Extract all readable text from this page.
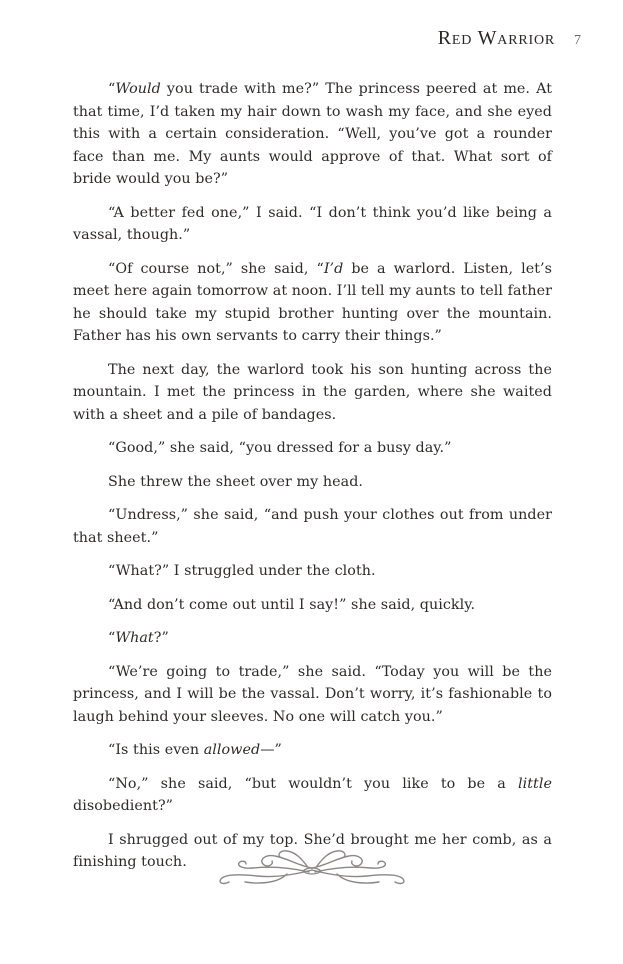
Red Warrior 7

“Would you trade with me?” The princess peered at me. At that time, I’d taken my hair down to wash my face, and she eyed this with a certain consideration. “Well, you’ve got a rounder face than me. My aunts would approve of that. What sort of bride would you be?”

“A better fed one,” I said. “I don’t think you’d like being a vassal, though.”

“Of course not,” she said, “I’d be a warlord. Listen, let’s meet here again tomorrow at noon. I’ll tell my aunts to tell father he should take my stupid brother hunting over the mountain. Father has his own servants to carry their things.”

The next day, the warlord took his son hunting across the mountain. I met the princess in the garden, where she waited with a sheet and a pile of bandages.

“Good,” she said, “you dressed for a busy day.”

She threw the sheet over my head.

“Undress,” she said, “and push your clothes out from under that sheet.”

“What?” I struggled under the cloth.

“And don’t come out until I say!” she said, quickly.

“What?”

“We’re going to trade,” she said. “Today you will be the princess, and I will be the vassal. Don’t worry, it’s fashionable to laugh behind your sleeves. No one will catch you.”

“Is this even allowed—”

“No,” she said, “but wouldn’t you like to be a little disobedient?”

I shrugged out of my top. She’d brought me her comb, as a finishing touch.
